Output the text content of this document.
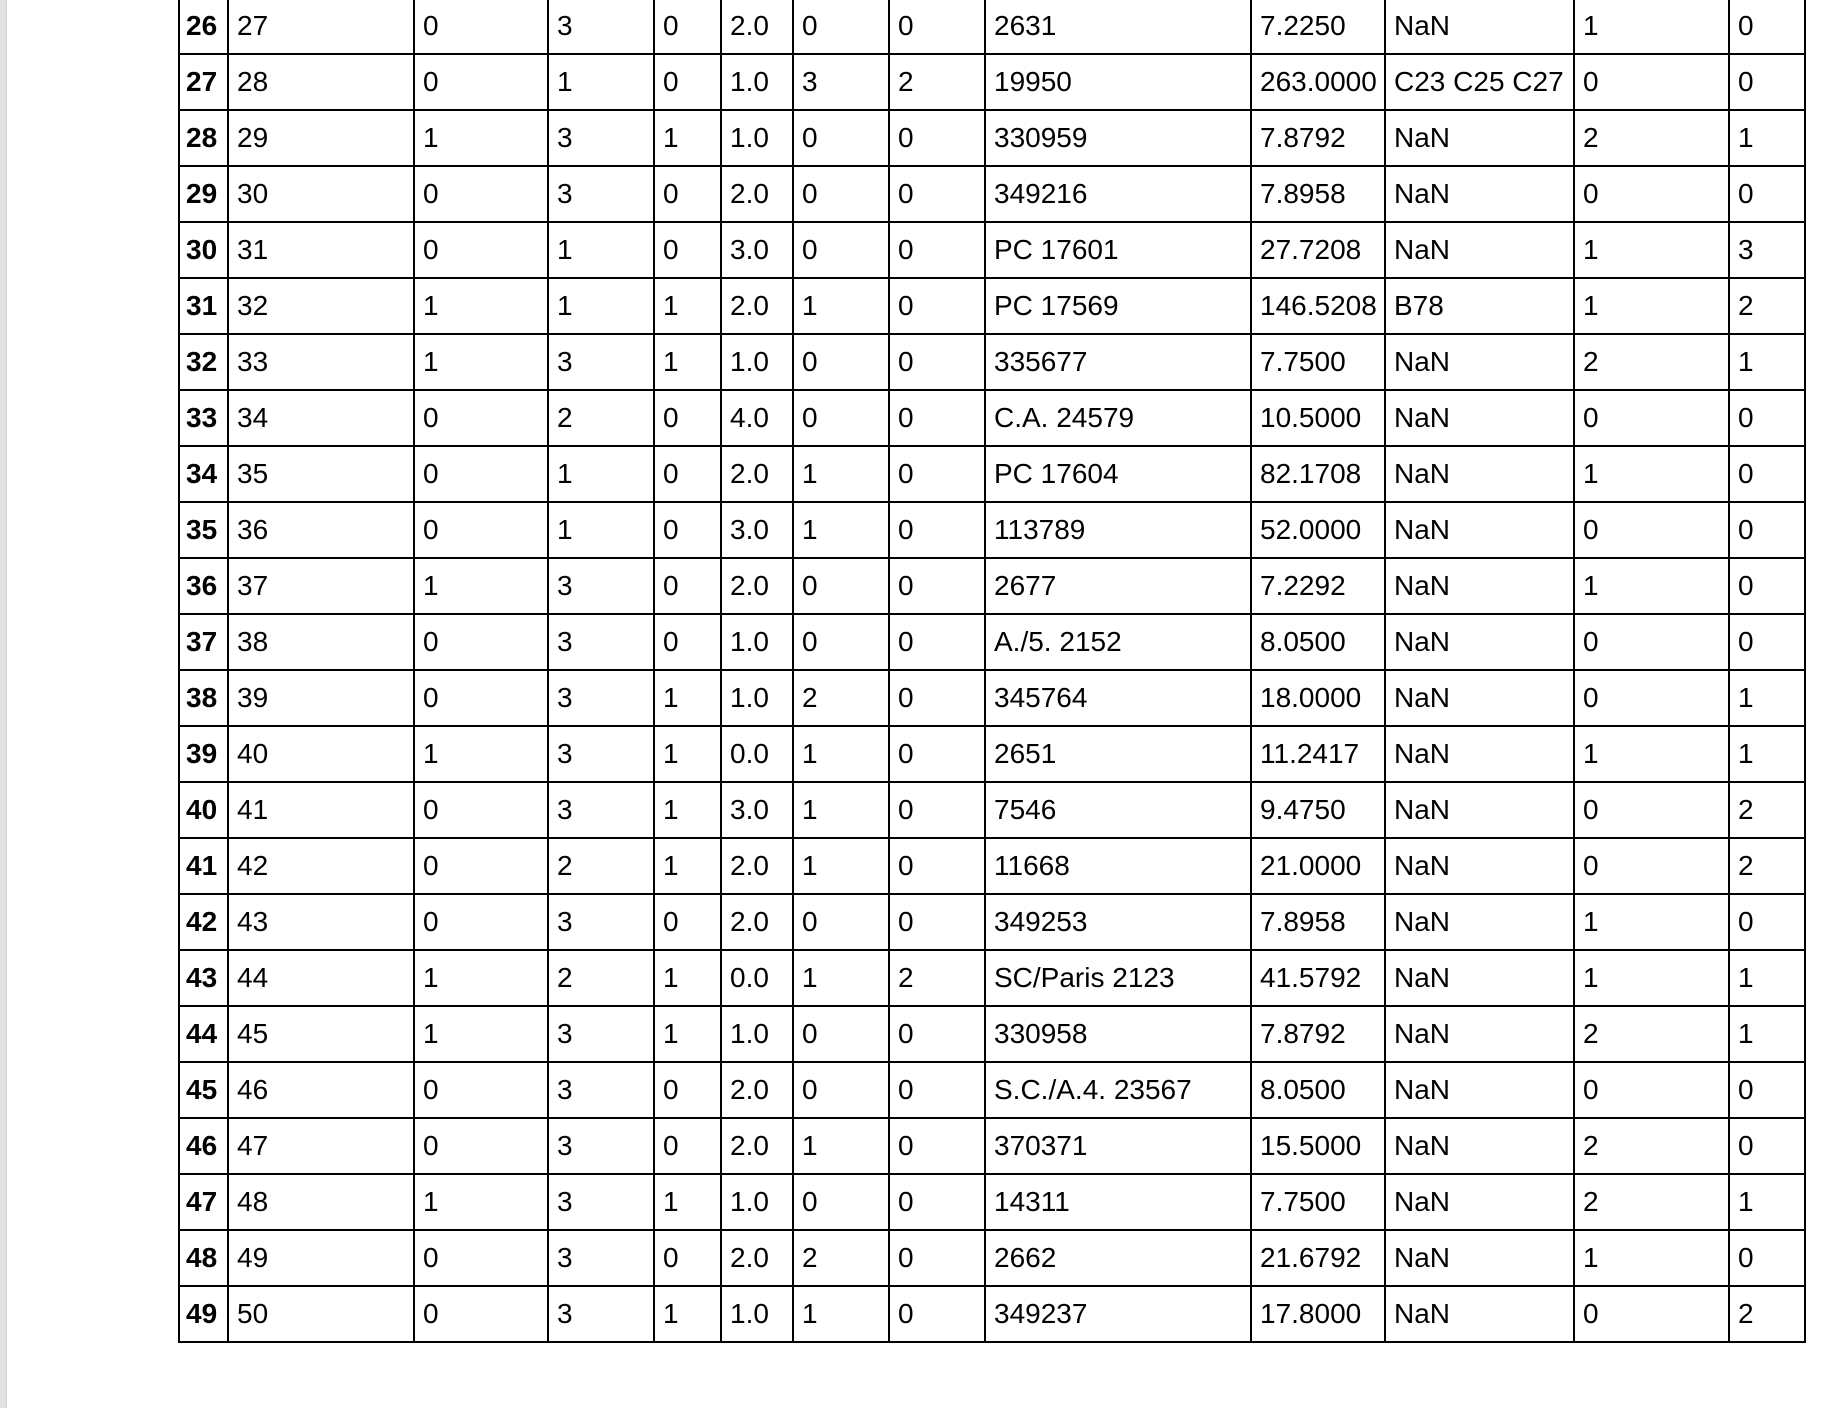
26	27	0	3	0	2.0	0	0	2631	7.2250	NaN	1	0
27	28	0	1	0	1.0	3	2	19950	263.0000	C23 C25 C27	0	0
28	29	1	3	1	1.0	0	0	330959	7.8792	NaN	2	1
29	30	0	3	0	2.0	0	0	349216	7.8958	NaN	0	0
30	31	0	1	0	3.0	0	0	PC 17601	27.7208	NaN	1	3
31	32	1	1	1	2.0	1	0	PC 17569	146.5208	B78	1	2
32	33	1	3	1	1.0	0	0	335677	7.7500	NaN	2	1
33	34	0	2	0	4.0	0	0	C.A. 24579	10.5000	NaN	0	0
34	35	0	1	0	2.0	1	0	PC 17604	82.1708	NaN	1	0
35	36	0	1	0	3.0	1	0	113789	52.0000	NaN	0	0
36	37	1	3	0	2.0	0	0	2677	7.2292	NaN	1	0
37	38	0	3	0	1.0	0	0	A./5. 2152	8.0500	NaN	0	0
38	39	0	3	1	1.0	2	0	345764	18.0000	NaN	0	1
39	40	1	3	1	0.0	1	0	2651	11.2417	NaN	1	1
40	41	0	3	1	3.0	1	0	7546	9.4750	NaN	0	2
41	42	0	2	1	2.0	1	0	11668	21.0000	NaN	0	2
42	43	0	3	0	2.0	0	0	349253	7.8958	NaN	1	0
43	44	1	2	1	0.0	1	2	SC/Paris 2123	41.5792	NaN	1	1
44	45	1	3	1	1.0	0	0	330958	7.8792	NaN	2	1
45	46	0	3	0	2.0	0	0	S.C./A.4. 23567	8.0500	NaN	0	0
46	47	0	3	0	2.0	1	0	370371	15.5000	NaN	2	0
47	48	1	3	1	1.0	0	0	14311	7.7500	NaN	2	1
48	49	0	3	0	2.0	2	0	2662	21.6792	NaN	1	0
49	50	0	3	1	1.0	1	0	349237	17.8000	NaN	0	2
